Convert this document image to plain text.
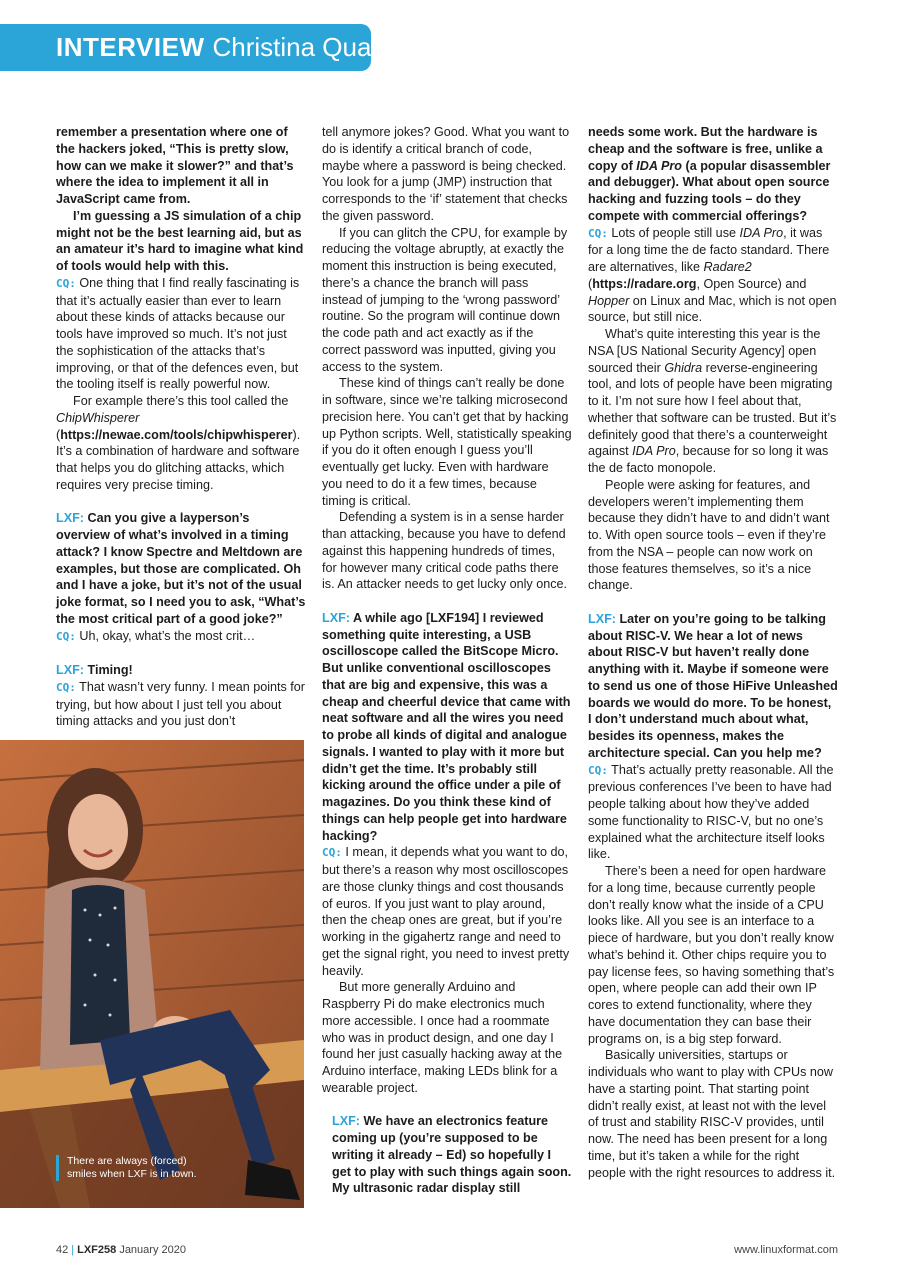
INTERVIEW Christina Quast

remember a presentation where one of the hackers joked, “This is pretty slow, how can we make it slower?” and that’s where the idea to implement it all in JavaScript came from.

I’m guessing a JS simulation of a chip might not be the best learning aid, but as an amateur it’s hard to imagine what kind of tools would help with this.

CQ: One thing that I find really fascinating is that it’s actually easier than ever to learn about these kinds of attacks because our tools have improved so much. It’s not just the sophistication of the attacks that’s improving, or that of the defences even, but the tooling itself is really powerful now.

For example there’s this tool called the ChipWhisperer (https://newae.com/tools/chipwhisperer). It’s a combination of hardware and software that helps you do glitching attacks, which requires very precise timing.

LXF: Can you give a layperson’s overview of what’s involved in a timing attack? I know Spectre and Meltdown are examples, but those are complicated. Oh and I have a joke, but it’s not of the usual joke format, so I need you to ask, “What’s the most critical part of a good joke?”

CQ: Uh, okay, what’s the most crit…

LXF: Timing!

CQ: That wasn’t very funny. I mean points for trying, but how about I just tell you about timing attacks and you just don’t

There are always (forced) smiles when LXF is in town.

tell anymore jokes? Good. What you want to do is identify a critical branch of code, maybe where a password is being checked. You look for a jump (JMP) instruction that corresponds to the ‘if’ statement that checks the given password.

If you can glitch the CPU, for example by reducing the voltage abruptly, at exactly the moment this instruction is being executed, there’s a chance the branch will pass instead of jumping to the ‘wrong password’ routine. So the program will continue down the code path and act exactly as if the correct password was inputted, giving you access to the system.

These kind of things can’t really be done in software, since we’re talking microsecond precision here. You can’t get that by hacking up Python scripts. Well, statistically speaking if you do it often enough I guess you’ll eventually get lucky. Even with hardware you need to do it a few times, because timing is critical.

Defending a system is in a sense harder than attacking, because you have to defend against this happening hundreds of times, for however many critical code paths there is. An attacker needs to get lucky only once.

LXF: A while ago [LXF194] I reviewed something quite interesting, a USB oscilloscope called the BitScope Micro. But unlike conventional oscilloscopes that are big and expensive, this was a cheap and cheerful device that came with neat software and all the wires you need to probe all kinds of digital and analogue signals. I wanted to play with it more but didn’t get the time. It’s probably still kicking around the office under a pile of magazines. Do you think these kind of things can help people get into hardware hacking?

CQ: I mean, it depends what you want to do, but there’s a reason why most oscilloscopes are those clunky things and cost thousands of euros. If you just want to play around, then the cheap ones are great, but if you’re working in the gigahertz range and need to get the signal right, you need to invest pretty heavily.

But more generally Arduino and Raspberry Pi do make electronics much more accessible. I once had a roommate who was in product design, and one day I found her just casually hacking away at the Arduino interface, making LEDs blink for a wearable project.

LXF: We have an electronics feature coming up (you’re supposed to be writing it already – Ed) so hopefully I get to play with such things again soon. My ultrasonic radar display still

needs some work. But the hardware is cheap and the software is free, unlike a copy of IDA Pro (a popular disassembler and debugger). What about open source hacking and fuzzing tools – do they compete with commercial offerings?

CQ: Lots of people still use IDA Pro, it was for a long time the de facto standard. There are alternatives, like Radare2 (https://radare.org, Open Source) and Hopper on Linux and Mac, which is not open source, but still nice.

What’s quite interesting this year is the NSA [US National Security Agency] open sourced their Ghidra reverse-engineering tool, and lots of people have been migrating to it. I’m not sure how I feel about that, whether that software can be trusted. But it’s definitely good that there’s a counterweight against IDA Pro, because for so long it was the de facto monopole.

People were asking for features, and developers weren’t implementing them because they didn’t have to and didn’t want to. With open source tools – even if they’re from the NSA – people can now work on those features themselves, so it’s a nice change.

LXF: Later on you’re going to be talking about RISC-V. We hear a lot of news about RISC-V but haven’t really done anything with it. Maybe if someone were to send us one of those HiFive Unleashed boards we would do more. To be honest, I don’t understand much about what, besides its openness, makes the architecture special. Can you help me?

CQ: That’s actually pretty reasonable. All the previous conferences I’ve been to have had people talking about how they’ve added some functionality to RISC-V, but no one’s explained what the architecture itself looks like.

There’s been a need for open hardware for a long time, because currently people don’t really know what the inside of a CPU looks like. All you see is an interface to a piece of hardware, but you don’t really know what’s behind it. Other chips require you to pay license fees, so having something that’s open, where people can add their own IP cores to extend functionality, where they have documentation they can base their programs on, is a big step forward.

Basically universities, startups or individuals who want to play with CPUs now have a starting point. That starting point didn’t really exist, at least not with the level of trust and stability RISC-V provides, until now. The need has been present for a long time, but it’s taken a while for the right people with the right resources to address it.

42 | LXF258 January 2020	www.linuxformat.com
